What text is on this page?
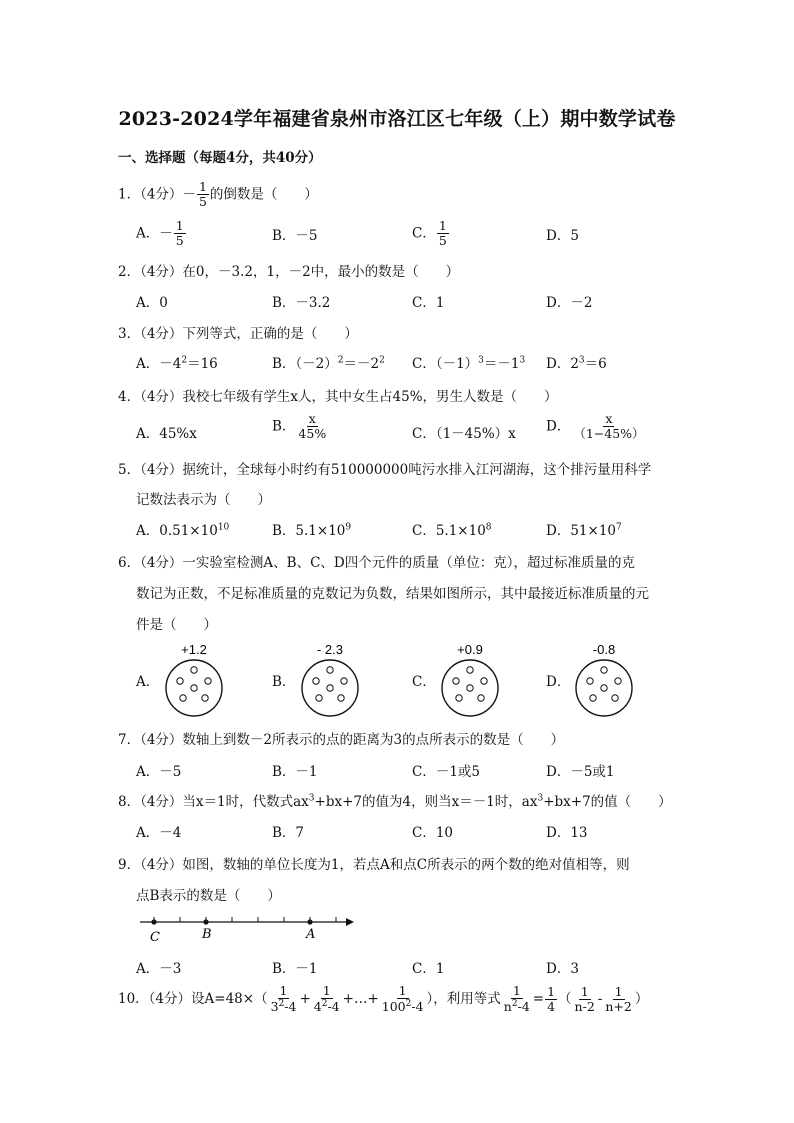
2023-2024学年福建省泉州市洛江区七年级（上）期中数学试卷
一、选择题（每题4分，共40分）
1．（4分）－ $\frac{1}{5}$ 的倒数是（　　）
A．－ $\frac{1}{5}$	B．－5	C． $\frac{1}{5}$	D．5
2．（4分）在0，－3.2，1，－2中，最小的数是（　　）
A．0	B．－3.2	C．1	D．－2
3．（4分）下列等式，正确的是（　　）
A．$-4^2=16$	B．$(-2)^2=-2^2$ C．$(-1)^3=-1^3$ D．$2^3=6$
4．（4分）我校七年级有学生x人，其中女生占45%，男生人数是（　　）
A．45%x	B． $\frac{x}{45\%}$	C．（1－45%）x D． $\frac{x}{(1-45\%)}$
5．（4分）据统计，全球每小时约有510000000吨污水排入江河湖海，这个排污量用科学
记数法表示为（　　）
A．$0.51\times 10^{10}$	B．$5.1\times 10^9$	C．$5.1\times 10^8$	D．$51\times 10^7$
6．（4分）一实验室检测A、B、C、D四个元件的质量（单位：克），超过标准质量的克
数记为正数，不足标准质量的克数记为负数，结果如图所示，其中最接近标准质量的元
件是（　　）
A．	B．	C．	D．
+1.2	- 2.3	+0.9	-0.8
7．（4分）数轴上到数－2所表示的点的距离为3的点所表示的数是（　　）
A．－5	B．－1	C．－1或5	D．－5或1
8．（4分）当x＝1时，代数式$ax^3+bx+7$的值为4，则当x＝－1时，$ax^3+bx+7$的值（　　）
A．－4	B．7	C．10	D．13
9．（4分）如图，数轴的单位长度为1，若点A和点C所表示的两个数的绝对值相等，则
点B表示的数是（　　）
C	B	A
A．－3	B．－1	C．1	D．3
10．（4分）设$A=48\times( \frac{1}{3^2-4} + \frac{1}{4^2-4}$ +…+ $\frac{1}{100^2-4}$ ），利用等式 $\frac{1}{n^2-4} = \frac{1}{4}$ （ $\frac{1}{n-2} - \frac{1}{n+2}$ ）
